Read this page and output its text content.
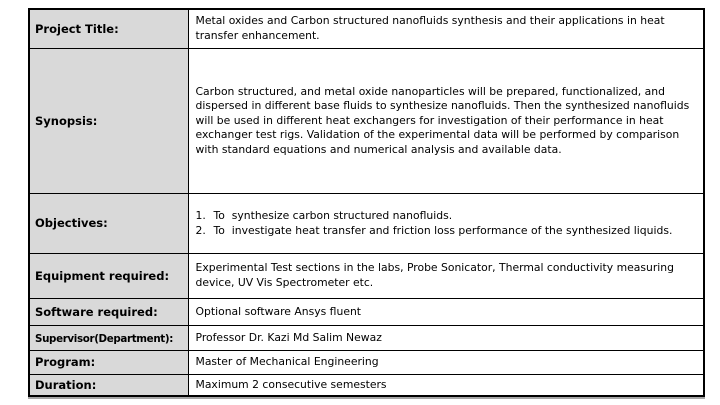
Project Title:	Metal oxides and Carbon structured nanofluids synthesis and their applications in heat transfer enhancement.
Synopsis:	Carbon structured, and metal oxide nanoparticles will be prepared, functionalized, and dispersed in different base fluids to synthesize nanofluids. Then the synthesized nanofluids will be used in different heat exchangers for investigation of their performance in heat exchanger test rigs. Validation of the experimental data will be performed by comparison with standard equations and numerical analysis and available data.
Objectives:	1. To  synthesize carbon structured nanofluids.
2. To  investigate heat transfer and friction loss performance of the synthesized liquids.

Equipment required:	Experimental Test sections in the labs, Probe Sonicator, Thermal conductivity measuring device, UV Vis Spectrometer etc.
Software required:	Optional software Ansys fluent
Supervisor(Department):	Professor Dr. Kazi Md Salim Newaz
Program:	Master of Mechanical Engineering
Duration:	Maximum 2 consecutive semesters
